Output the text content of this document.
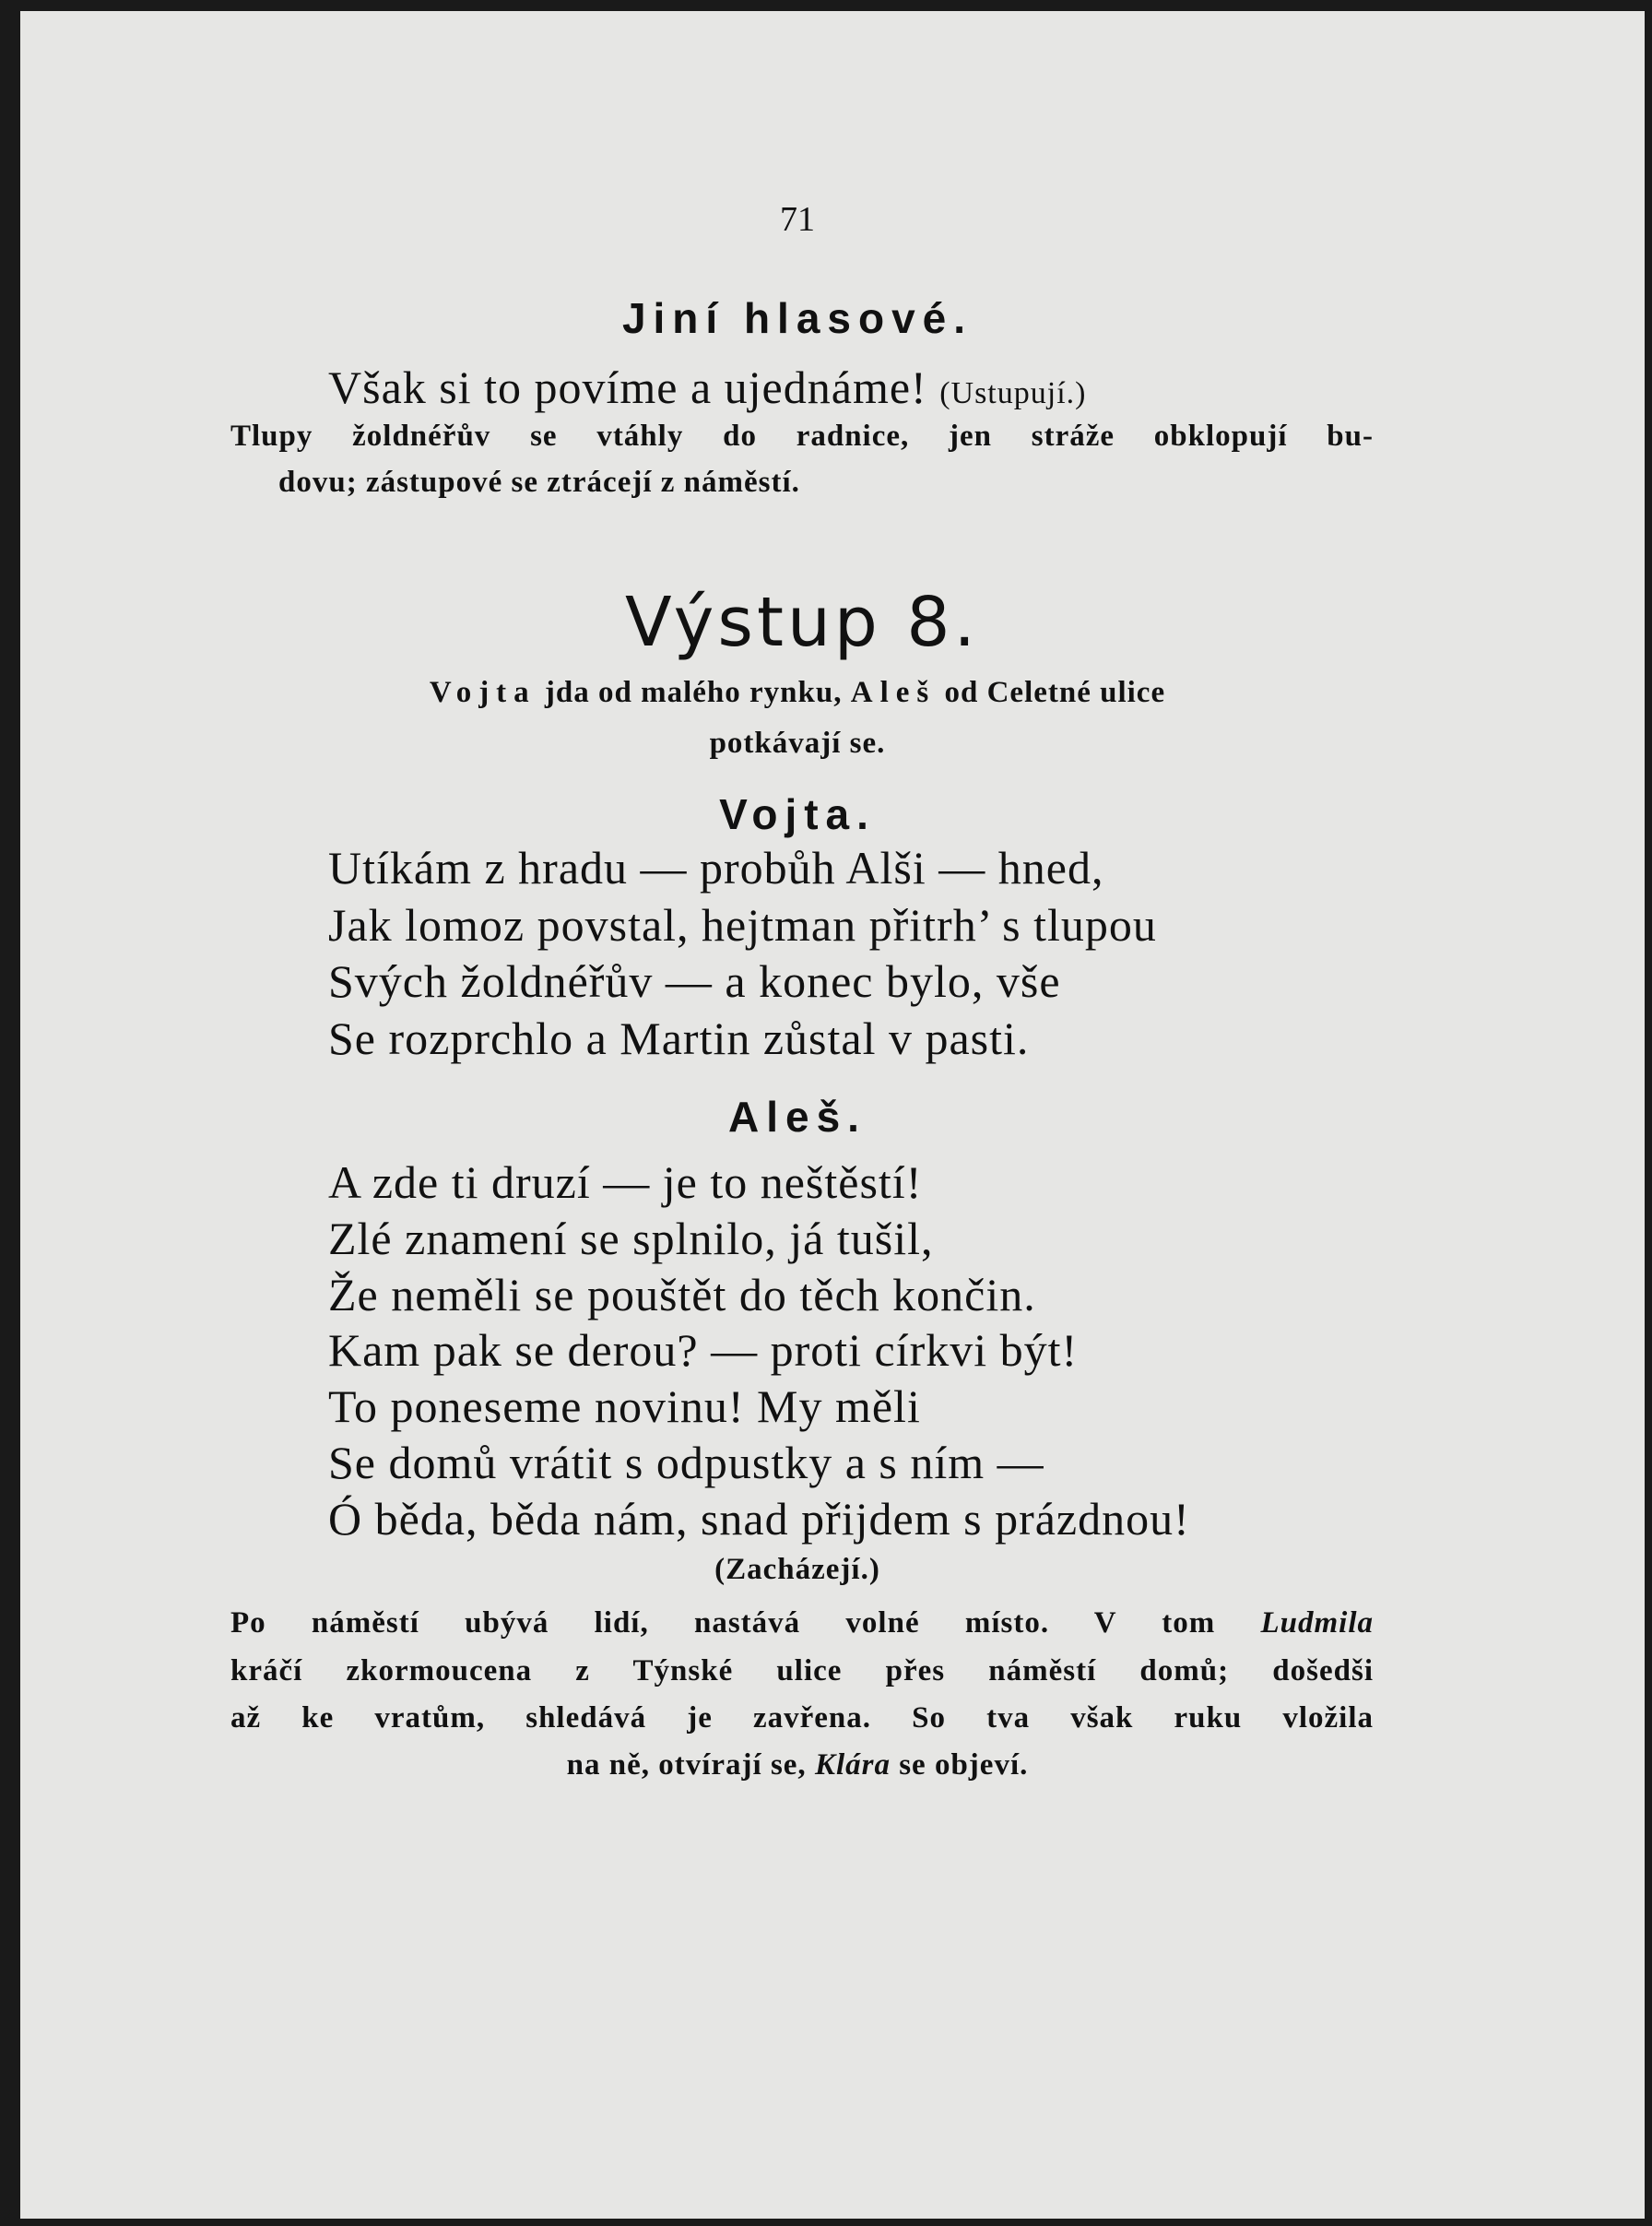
71
Jiní hlasové.
Však si to povíme a ujednáme! (Ustupují.)
Tlupy žoldnéřův se vtáhly do radnice, jen stráže obklopují bu-
dovu; zástupové se ztrácejí z náměstí.
Výstup 8.
Vojta jda od malého rynku, Aleš od Celetné ulice
potkávají se.
Vojta.
Utíkám z hradu — probůh Alši — hned,
Jak lomoz povstal, hejtman přitrh’ s tlupou
Svých žoldnéřův — a konec bylo, vše
Se rozprchlo a Martin zůstal v pasti.
Aleš.
A zde ti druzí — je to neštěstí!
Zlé znamení se splnilo, já tušil,
Že neměli se pouštět do těch končin.
Kam pak se derou? — proti církvi být!
To poneseme novinu! My měli
Se domů vrátit s odpustky a s ním —
Ó běda, běda nám, snad přijdem s prázdnou!
(Zacházejí.)
Po náměstí ubývá lidí, nastává volné místo. V tom Ludmila
kráčí zkormoucena z Týnské ulice přes náměstí domů; došedši
až ke vratům, shledává je zavřena. So tva však ruku vložila
na ně, otvírají se, Klára se objeví.
